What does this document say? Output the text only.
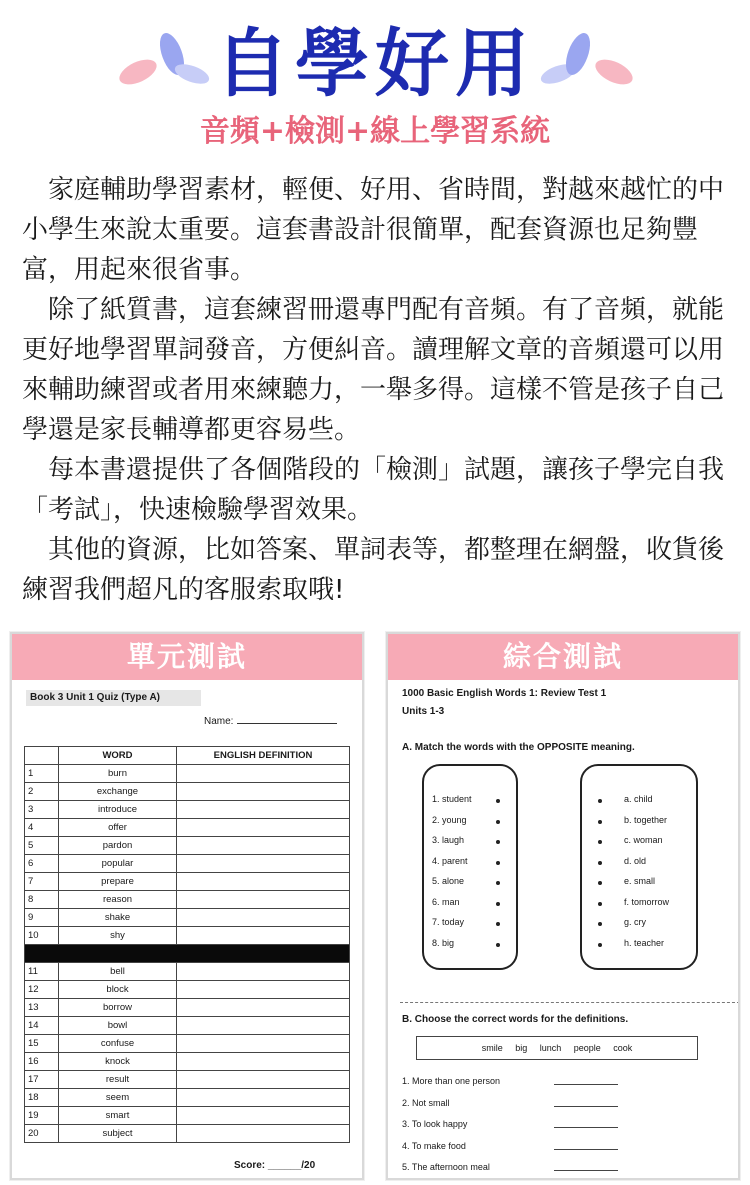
自學好用
音頻+檢測+線上學習系統

　家庭輔助學習素材，輕便、好用、省時間，對越來越忙的中小學生來說太重要。這套書設計很簡單，配套資源也足夠豐富，用起來很省事。

　除了紙質書，這套練習冊還專門配有音頻。有了音頻，就能更好地學習單詞發音，方便糾音。讀理解文章的音頻還可以用來輔助練習或者用來練聽力，一舉多得。這樣不管是孩子自己學還是家長輔導都更容易些。

　每本書還提供了各個階段的「檢測」試題，讓孩子學完自我「考試」，快速檢驗學習效果。

　其他的資源，比如答案、單詞表等，都整理在網盤，收貨後練習我們超凡的客服索取哦!

單元測試
Book 3 Unit 1 Quiz (Type A)
Name:
	WORD	ENGLISH DEFINITION
1	burn	
2	exchange	
3	introduce	
4	offer	
5	pardon	
6	popular	
7	prepare	
8	reason	
9	shake	
10	shy	

11	bell	
12	block	
13	borrow	
14	bowl	
15	confuse	
16	knock	
17	result	
18	seem	
19	smart	
20	subject	
Score: ______/20
綜合測試
1000 Basic English Words 1: Review Test 1
Units 1-3
A. Match the words with the OPPOSITE meaning.
B. Choose the correct words for the definitions.
smile big lunch people cook
1. student
2. young
3. laugh
4. parent
5. alone
6. man
7. today
8. big
a. child
b. together
c. woman
d. old
e. small
f. tomorrow
g. cry
h. teacher
1. More than one person
2. Not small
3. To look happy
4. To make food
5. The afternoon meal
